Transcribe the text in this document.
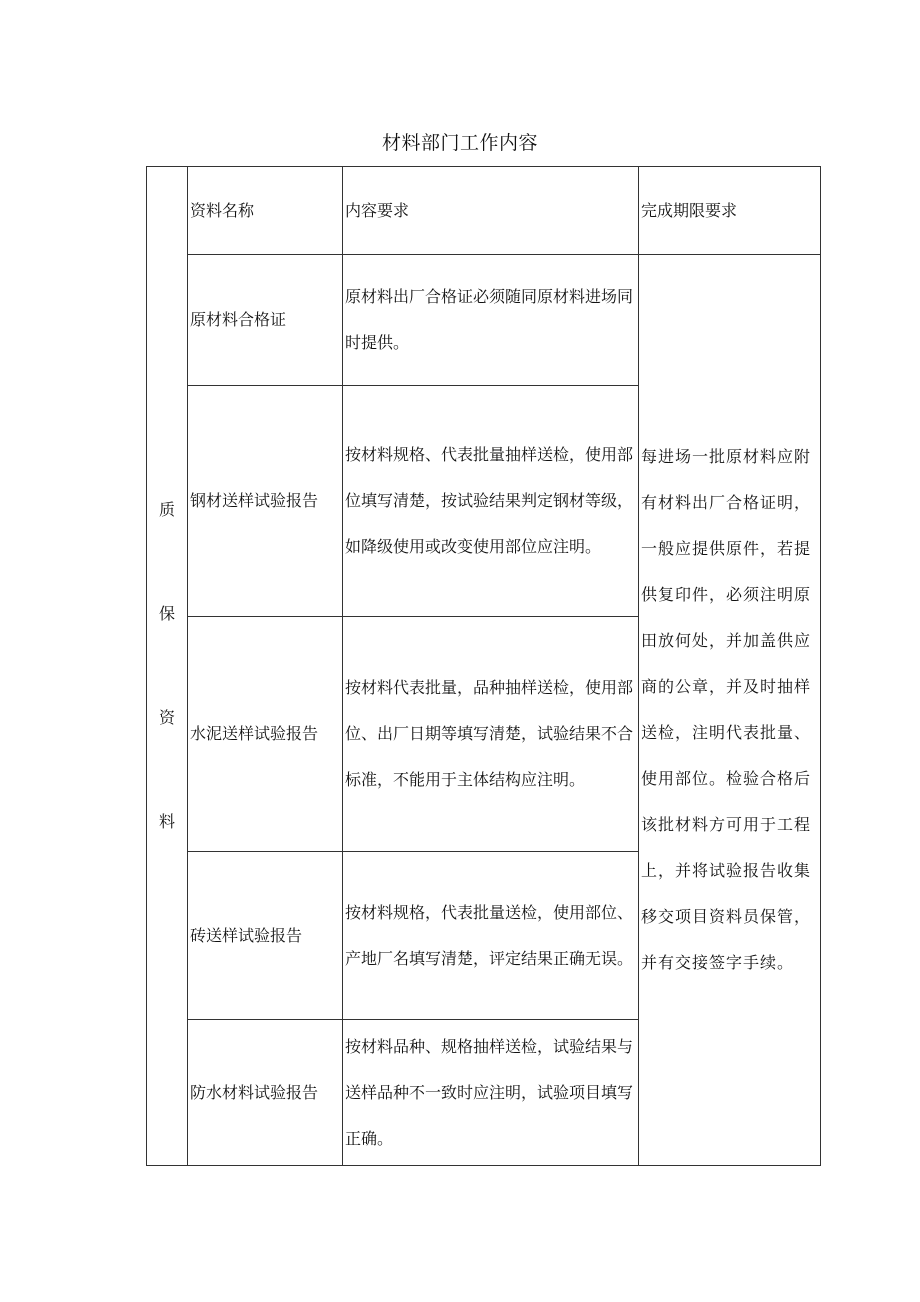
材料部门工作内容
质保资料	资料名称	内容要求	完成期限要求
	原材料合格证	原材料出厂合格证必须随同原材料进场同时提供。	每进场一批原材料应附有材料出厂合格证明，一般应提供原件，若提供复印件，必须注明原田放何处，并加盖供应商的公章，并及时抽样送检，注明代表批量、使用部位。检验合格后该批材料方可用于工程上，并将试验报告收集移交项目资料员保管，并有交接签字手续。
	钢材送样试验报告	按材料规格、代表批量抽样送检，使用部位填写清楚，按试验结果判定钢材等级，如降级使用或改变使用部位应注明。	
	水泥送样试验报告	按材料代表批量，品种抽样送检，使用部位、出厂日期等填写清楚，试验结果不合标准，不能用于主体结构应注明。	
	砖送样试验报告	按材料规格，代表批量送检，使用部位、产地厂名填写清楚，评定结果正确无误。	
	防水材料试验报告	按材料品种、规格抽样送检，试验结果与送样品种不一致时应注明，试验项目填写正确。	
